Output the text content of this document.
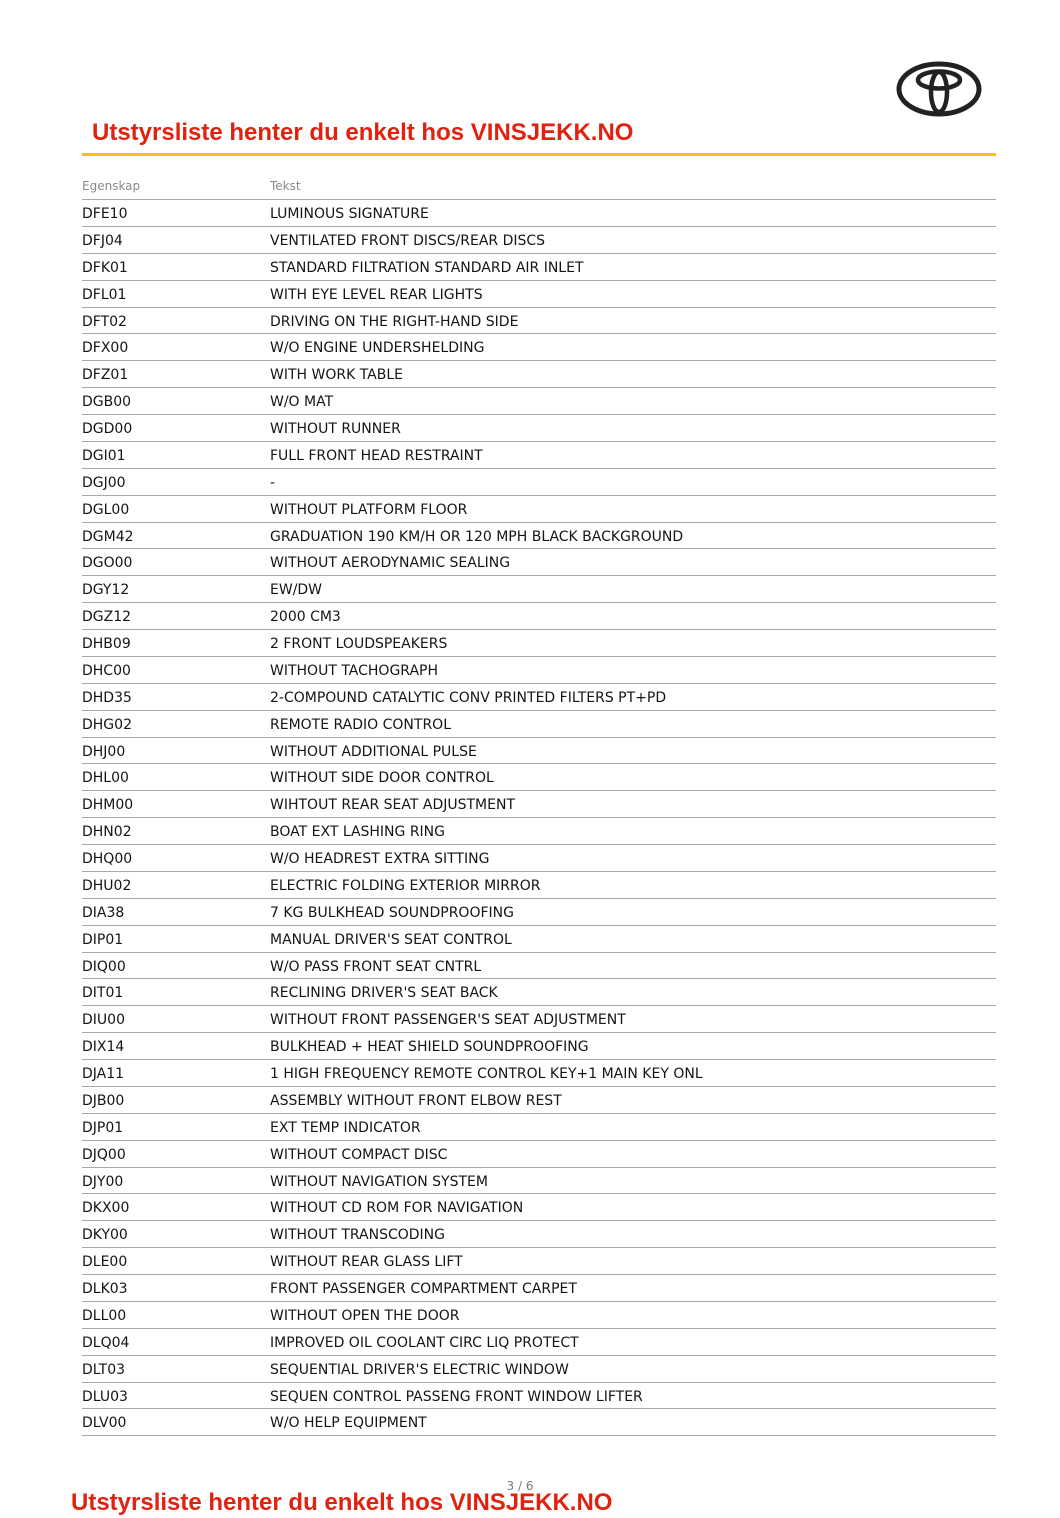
Utstyrsliste henter du enkelt hos VINSJEKK.NO
Egenskap	Tekst
DFE10	LUMINOUS SIGNATURE
DFJ04	VENTILATED FRONT DISCS/REAR DISCS
DFK01	STANDARD FILTRATION STANDARD AIR INLET
DFL01	WITH EYE LEVEL REAR LIGHTS
DFT02	DRIVING ON THE RIGHT-HAND SIDE
DFX00	W/O ENGINE UNDERSHELDING
DFZ01	WITH WORK TABLE
DGB00	W/O MAT
DGD00	WITHOUT RUNNER
DGI01	FULL FRONT HEAD RESTRAINT
DGJ00	-
DGL00	WITHOUT PLATFORM FLOOR
DGM42	GRADUATION 190 KM/H OR 120 MPH BLACK BACKGROUND
DGO00	WITHOUT AERODYNAMIC SEALING
DGY12	EW/DW
DGZ12	2000 CM3
DHB09	2 FRONT LOUDSPEAKERS
DHC00	WITHOUT TACHOGRAPH
DHD35	2-COMPOUND CATALYTIC CONV PRINTED FILTERS PT+PD
DHG02	REMOTE RADIO CONTROL
DHJ00	WITHOUT ADDITIONAL PULSE
DHL00	WITHOUT SIDE DOOR CONTROL
DHM00	WIHTOUT REAR SEAT ADJUSTMENT
DHN02	BOAT EXT LASHING RING
DHQ00	W/O HEADREST EXTRA SITTING
DHU02	ELECTRIC FOLDING EXTERIOR MIRROR
DIA38	7 KG BULKHEAD SOUNDPROOFING
DIP01	MANUAL DRIVER'S SEAT CONTROL
DIQ00	W/O PASS FRONT SEAT CNTRL
DIT01	RECLINING DRIVER'S SEAT BACK
DIU00	WITHOUT FRONT PASSENGER'S SEAT ADJUSTMENT
DIX14	BULKHEAD + HEAT SHIELD SOUNDPROOFING
DJA11	1 HIGH FREQUENCY REMOTE CONTROL KEY+1 MAIN KEY ONL
DJB00	ASSEMBLY WITHOUT FRONT ELBOW REST
DJP01	EXT TEMP INDICATOR
DJQ00	WITHOUT COMPACT DISC
DJY00	WITHOUT NAVIGATION SYSTEM
DKX00	WITHOUT CD ROM FOR NAVIGATION
DKY00	WITHOUT TRANSCODING
DLE00	WITHOUT REAR GLASS LIFT
DLK03	FRONT PASSENGER COMPARTMENT CARPET
DLL00	WITHOUT OPEN THE DOOR
DLQ04	IMPROVED OIL COOLANT CIRC LIQ PROTECT
DLT03	SEQUENTIAL DRIVER'S ELECTRIC WINDOW
DLU03	SEQUEN CONTROL PASSENG FRONT WINDOW LIFTER
DLV00	W/O HELP EQUIPMENT
3 / 6
Utstyrsliste henter du enkelt hos VINSJEKK.NO
